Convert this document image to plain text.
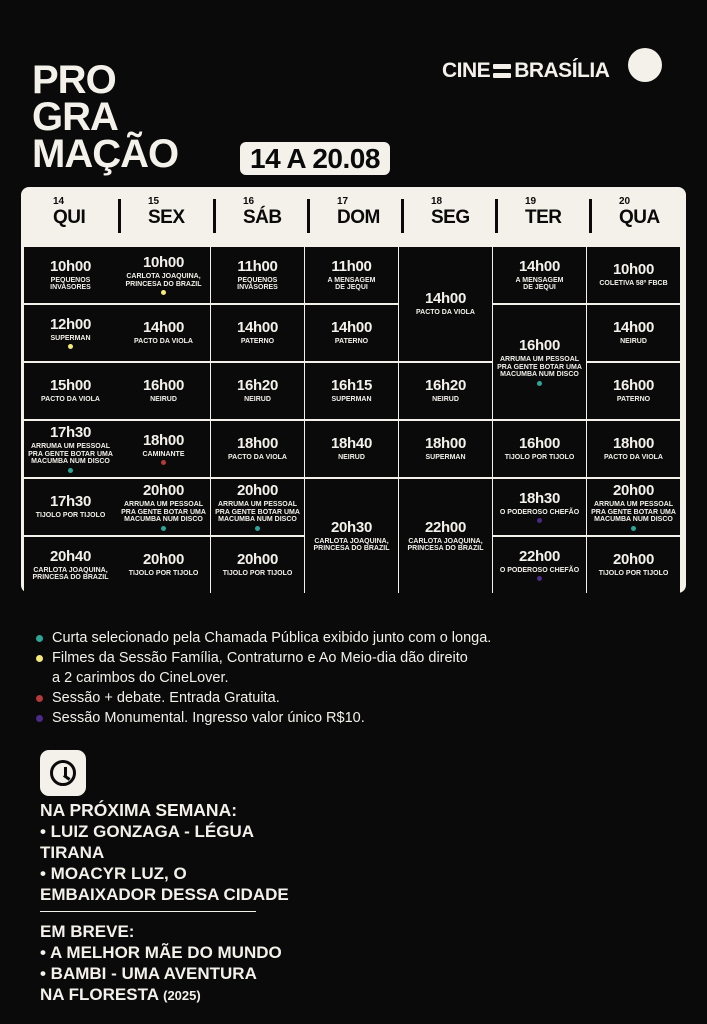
PRO
GRA
MAÇÃO	14 A 20.08
CINE BRASÍLIA
14
QUI
15
SEX
16
SÁB
17
DOM
18
SEG
19
TER
20
QUA
10h00
PEQUENOS
INVASORES
12h00
SUPERMAN
15h00
PACTO DA VIOLA
17h30
ARRUMA UM PESSOAL
PRA GENTE BOTAR UMA
MACUMBA NUM DISCO
17h30
TIJOLO POR TIJOLO
20h40
CARLOTA JOAQUINA,
PRINCESA DO BRAZIL
10h00
CARLOTA JOAQUINA,
PRINCESA DO BRAZIL
14h00
PACTO DA VIOLA
16h00
NEIRUD
18h00
CAMINANTE
20h00
ARRUMA UM PESSOAL
PRA GENTE BOTAR UMA
MACUMBA NUM DISCO
20h00
TIJOLO POR TIJOLO
11h00
PEQUENOS
INVASORES
14h00
PATERNO
16h20
NEIRUD
18h00
PACTO DA VIOLA
20h00
ARRUMA UM PESSOAL
PRA GENTE BOTAR UMA
MACUMBA NUM DISCO
20h00
TIJOLO POR TIJOLO
11h00
A MENSAGEM
DE JEQUI
14h00
PATERNO
16h15
SUPERMAN
18h40
NEIRUD
20h30
CARLOTA JOAQUINA,
PRINCESA DO BRAZIL
14h00
PACTO DA VIOLA
16h20
NEIRUD
18h00
SUPERMAN
22h00
CARLOTA JOAQUINA,
PRINCESA DO BRAZIL
14h00
A MENSAGEM
DE JEQUI
16h00
ARRUMA UM PESSOAL
PRA GENTE BOTAR UMA
MACUMBA NUM DISCO
16h00
TIJOLO POR TIJOLO
18h30
O PODEROSO CHEFÃO
22h00
O PODEROSO CHEFÃO
10h00
COLETIVA 58º FBCB
14h00
NEIRUD
16h00
PATERNO
18h00
PACTO DA VIOLA
20h00
ARRUMA UM PESSOAL
PRA GENTE BOTAR UMA
MACUMBA NUM DISCO
20h00
TIJOLO POR TIJOLO
Curta selecionado pela Chamada Pública exibido junto com o longa.
Filmes da Sessão Família, Contraturno e Ao Meio-dia dão direito
a 2 carimbos do CineLover.
Sessão + debate. Entrada Gratuita.
Sessão Monumental. Ingresso valor único R$10.
NA PRÓXIMA SEMANA:
• LUIZ GONZAGA - LÉGUA
TIRANA
• MOACYR LUZ, O
EMBAIXADOR DESSA CIDADE
EM BREVE:
• A MELHOR MÃE DO MUNDO
• BAMBI - UMA AVENTURA
NA FLORESTA (2025)
